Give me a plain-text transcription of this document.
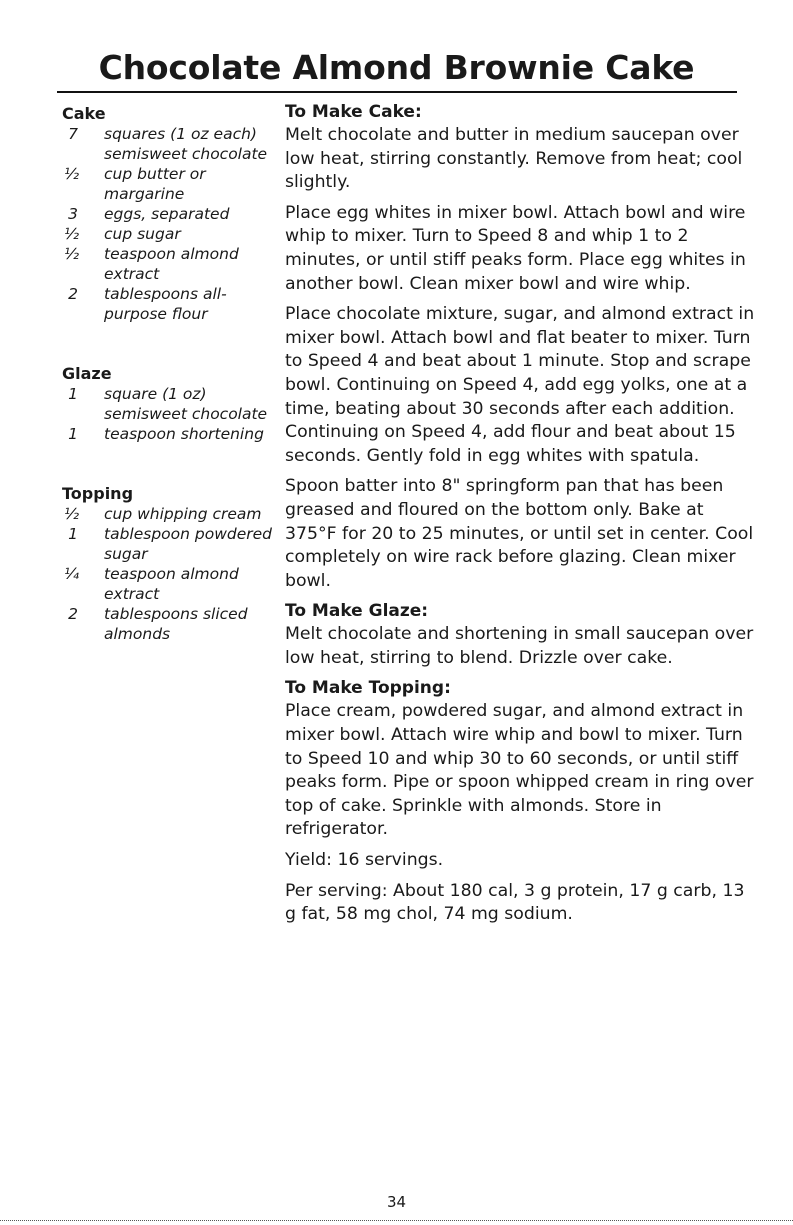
Chocolate Almond Brownie Cake

Cake

7 squares (1 oz each) semisweet chocolate
½ cup butter or margarine
3 eggs, separated
½ cup sugar
½ teaspoon almond extract
2 tablespoons all-purpose flour

Glaze

1 square (1 oz) semisweet chocolate
1 teaspoon shortening

Topping

½ cup whipping cream
1 tablespoon powdered sugar
¼ teaspoon almond extract
2 tablespoons sliced almonds

To Make Cake:

Melt chocolate and butter in medium saucepan over low heat, stirring constantly. Remove from heat; cool slightly.

Place egg whites in mixer bowl. Attach bowl and wire whip to mixer. Turn to Speed 8 and whip 1 to 2 minutes, or until stiff peaks form. Place egg whites in another bowl. Clean mixer bowl and wire whip.

Place chocolate mixture, sugar, and almond extract in mixer bowl. Attach bowl and flat beater to mixer. Turn to Speed 4 and beat about 1 minute. Stop and scrape bowl. Continuing on Speed 4, add egg yolks, one at a time, beating about 30 seconds after each addition. Continuing on Speed 4, add flour and beat about 15 seconds. Gently fold in egg whites with spatula.

Spoon batter into 8" springform pan that has been greased and floured on the bottom only. Bake at 375°F for 20 to 25 minutes, or until set in center. Cool completely on wire rack before glazing. Clean mixer bowl.

To Make Glaze:

Melt chocolate and shortening in small saucepan over low heat, stirring to blend. Drizzle over cake.

To Make Topping:

Place cream, powdered sugar, and almond extract in mixer bowl. Attach wire whip and bowl to mixer. Turn to Speed 10 and whip 30 to 60 seconds, or until stiff peaks form. Pipe or spoon whipped cream in ring over top of cake. Sprinkle with almonds. Store in refrigerator.

Yield: 16 servings.

Per serving: About 180 cal, 3 g protein, 17 g carb, 13 g fat, 58 mg chol, 74 mg sodium.

34
